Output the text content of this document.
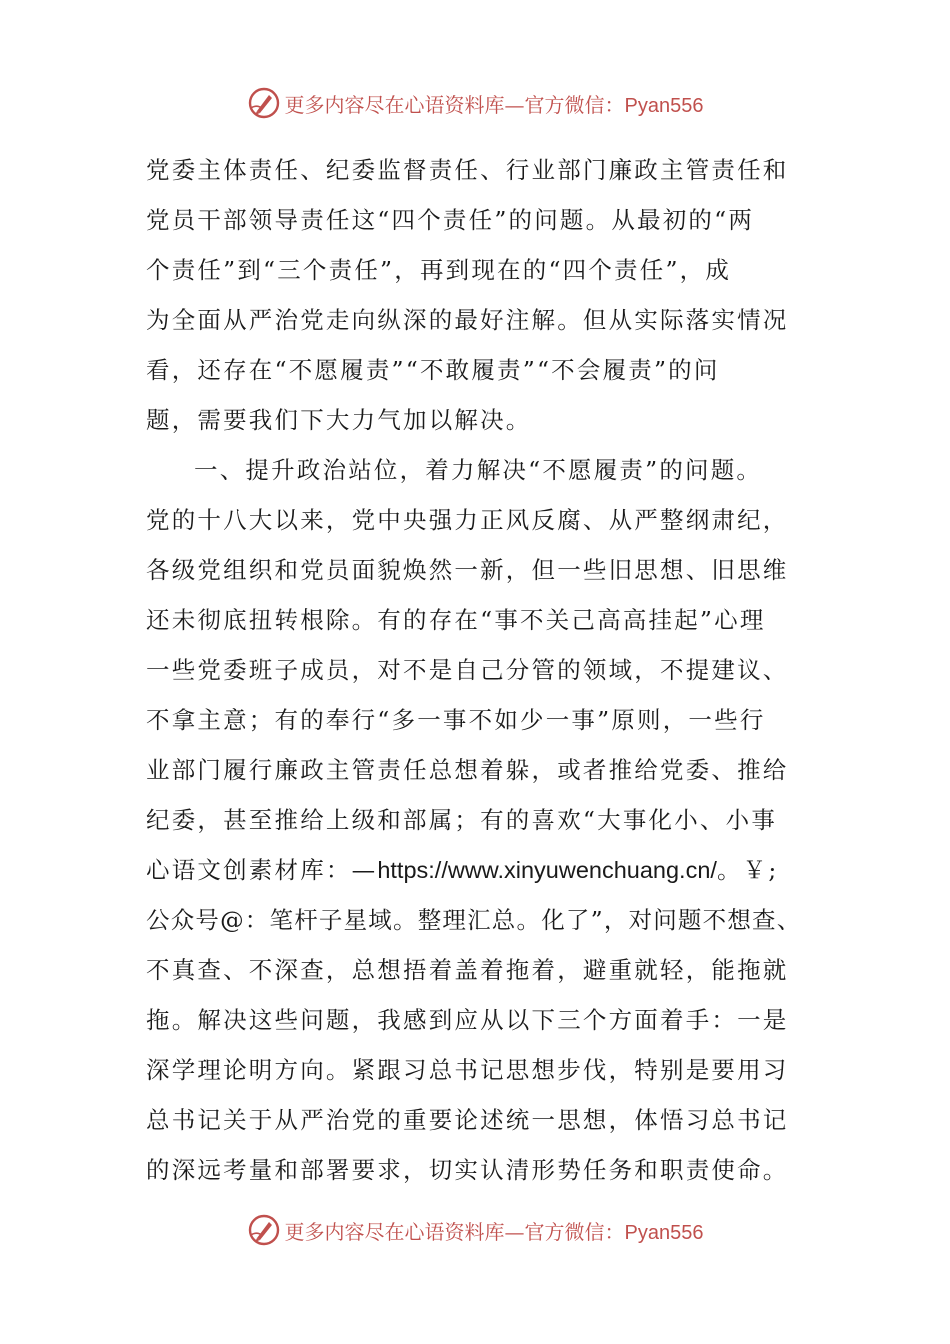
更多内容尽在心语资料库—官方微信：Pyan556
党委主体责任、纪委监督责任、行业部门廉政主管责任和
党员干部领导责任这“四个责任”的问题。从最初的“两
个责任”到“三个责任”，再到现在的“四个责任”，成
为全面从严治党走向纵深的最好注解。但从实际落实情况
看，还存在“不愿履责”“不敢履责”“不会履责”的问
题，需要我们下大力气加以解决。
一、提升政治站位，着力解决“不愿履责”的问题。
党的十八大以来，党中央强力正风反腐、从严整纲肃纪，
各级党组织和党员面貌焕然一新，但一些旧思想、旧思维
还未彻底扭转根除。有的存在“事不关己高高挂起”心理
一些党委班子成员，对不是自己分管的领域，不提建议、
不拿主意；有的奉行“多一事不如少一事”原则，一些行
业部门履行廉政主管责任总想着躲，或者推给党委、推给
纪委，甚至推给上级和部属；有的喜欢“大事化小、小事
心语文创素材库：—https://www.xinyuwenchuang.cn/。￥;
公众号@：笔杆子星域。整理汇总。化了”，对问题不想查、
不真查、不深查，总想捂着盖着拖着，避重就轻，能拖就
拖。解决这些问题，我感到应从以下三个方面着手：一是
深学理论明方向。紧跟习总书记思想步伐，特别是要用习
总书记关于从严治党的重要论述统一思想，体悟习总书记
的深远考量和部署要求，切实认清形势任务和职责使命。
更多内容尽在心语资料库—官方微信：Pyan556
